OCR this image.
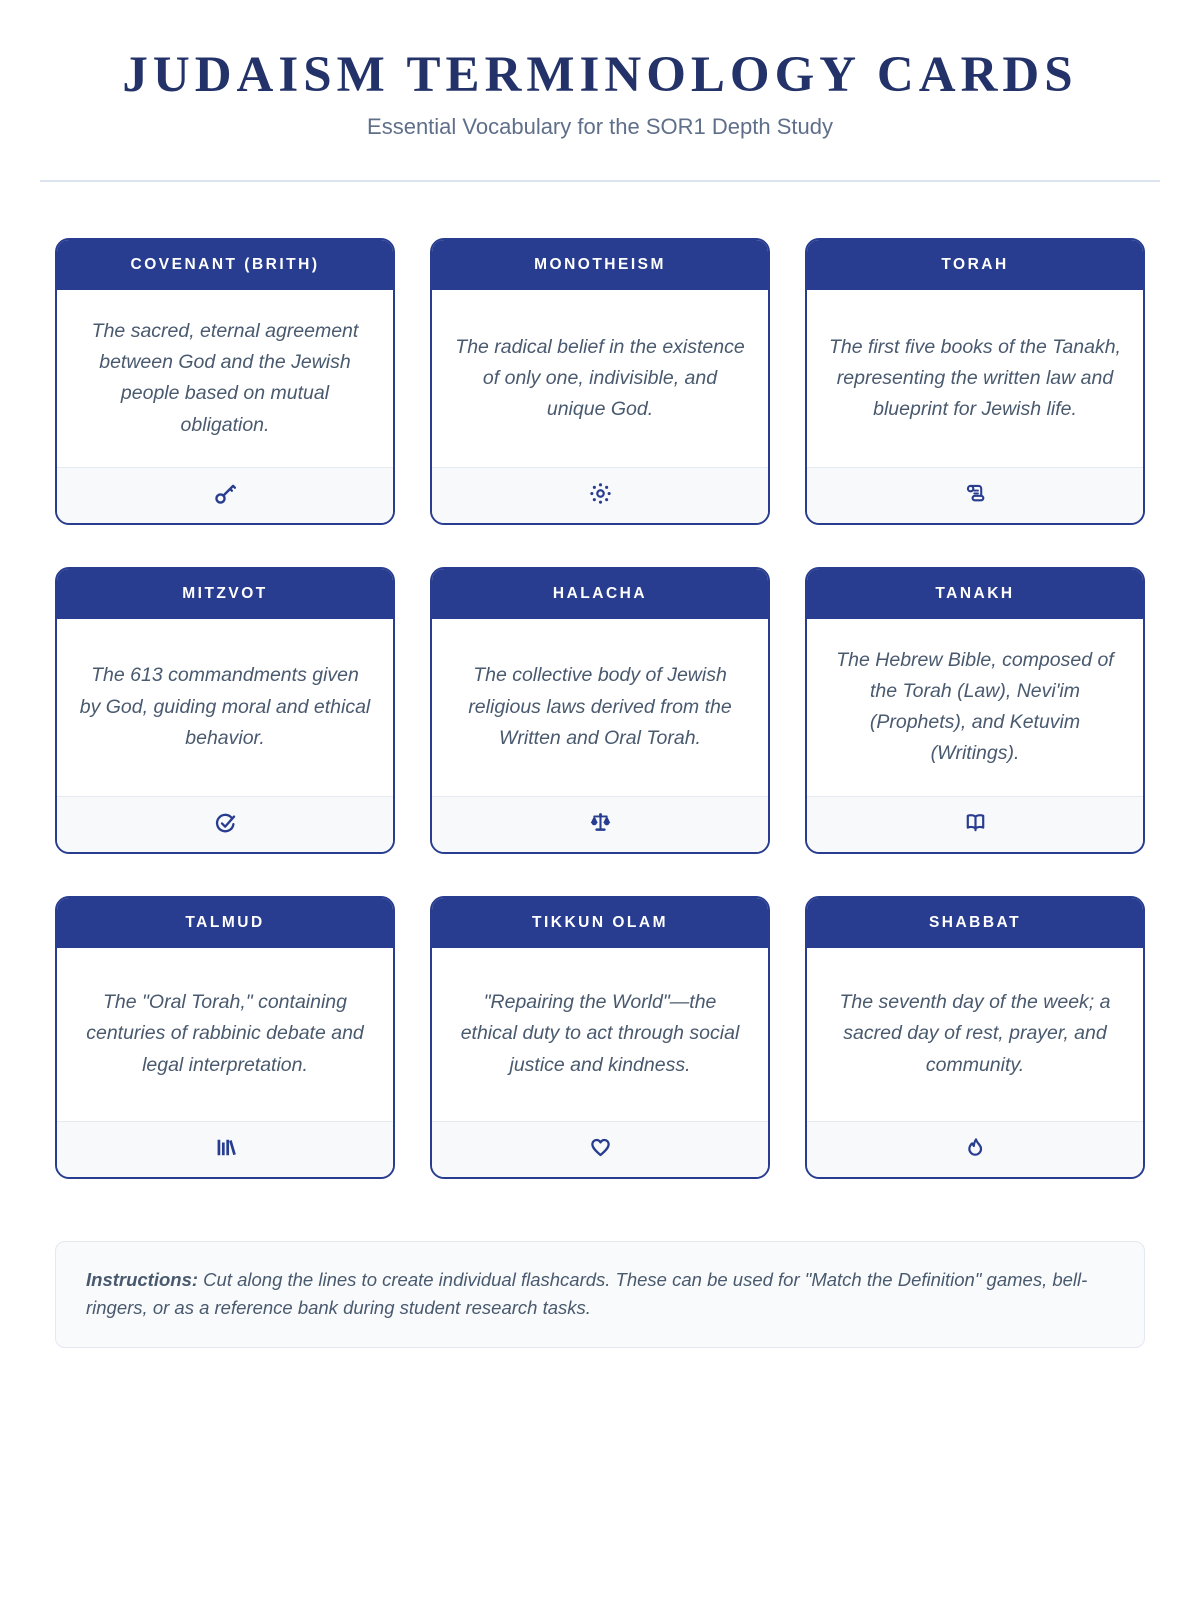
JUDAISM TERMINOLOGY CARDS
Essential Vocabulary for the SOR1 Depth Study
COVENANT (BRITH)
The sacred, eternal agreement between God and the Jewish people based on mutual obligation.
MONOTHEISM
The radical belief in the existence of only one, indivisible, and unique God.
TORAH
The first five books of the Tanakh, representing the written law and blueprint for Jewish life.
MITZVOT
The 613 commandments given by God, guiding moral and ethical behavior.
HALACHA
The collective body of Jewish religious laws derived from the Written and Oral Torah.
TANAKH
The Hebrew Bible, composed of the Torah (Law), Nevi'im (Prophets), and Ketuvim (Writings).
TALMUD
The "Oral Torah," containing centuries of rabbinic debate and legal interpretation.
TIKKUN OLAM
"Repairing the World"—the ethical duty to act through social justice and kindness.
SHABBAT
The seventh day of the week; a sacred day of rest, prayer, and community.
Instructions: Cut along the lines to create individual flashcards. These can be used for "Match the Definition" games, bell-ringers, or as a reference bank during student research tasks.
